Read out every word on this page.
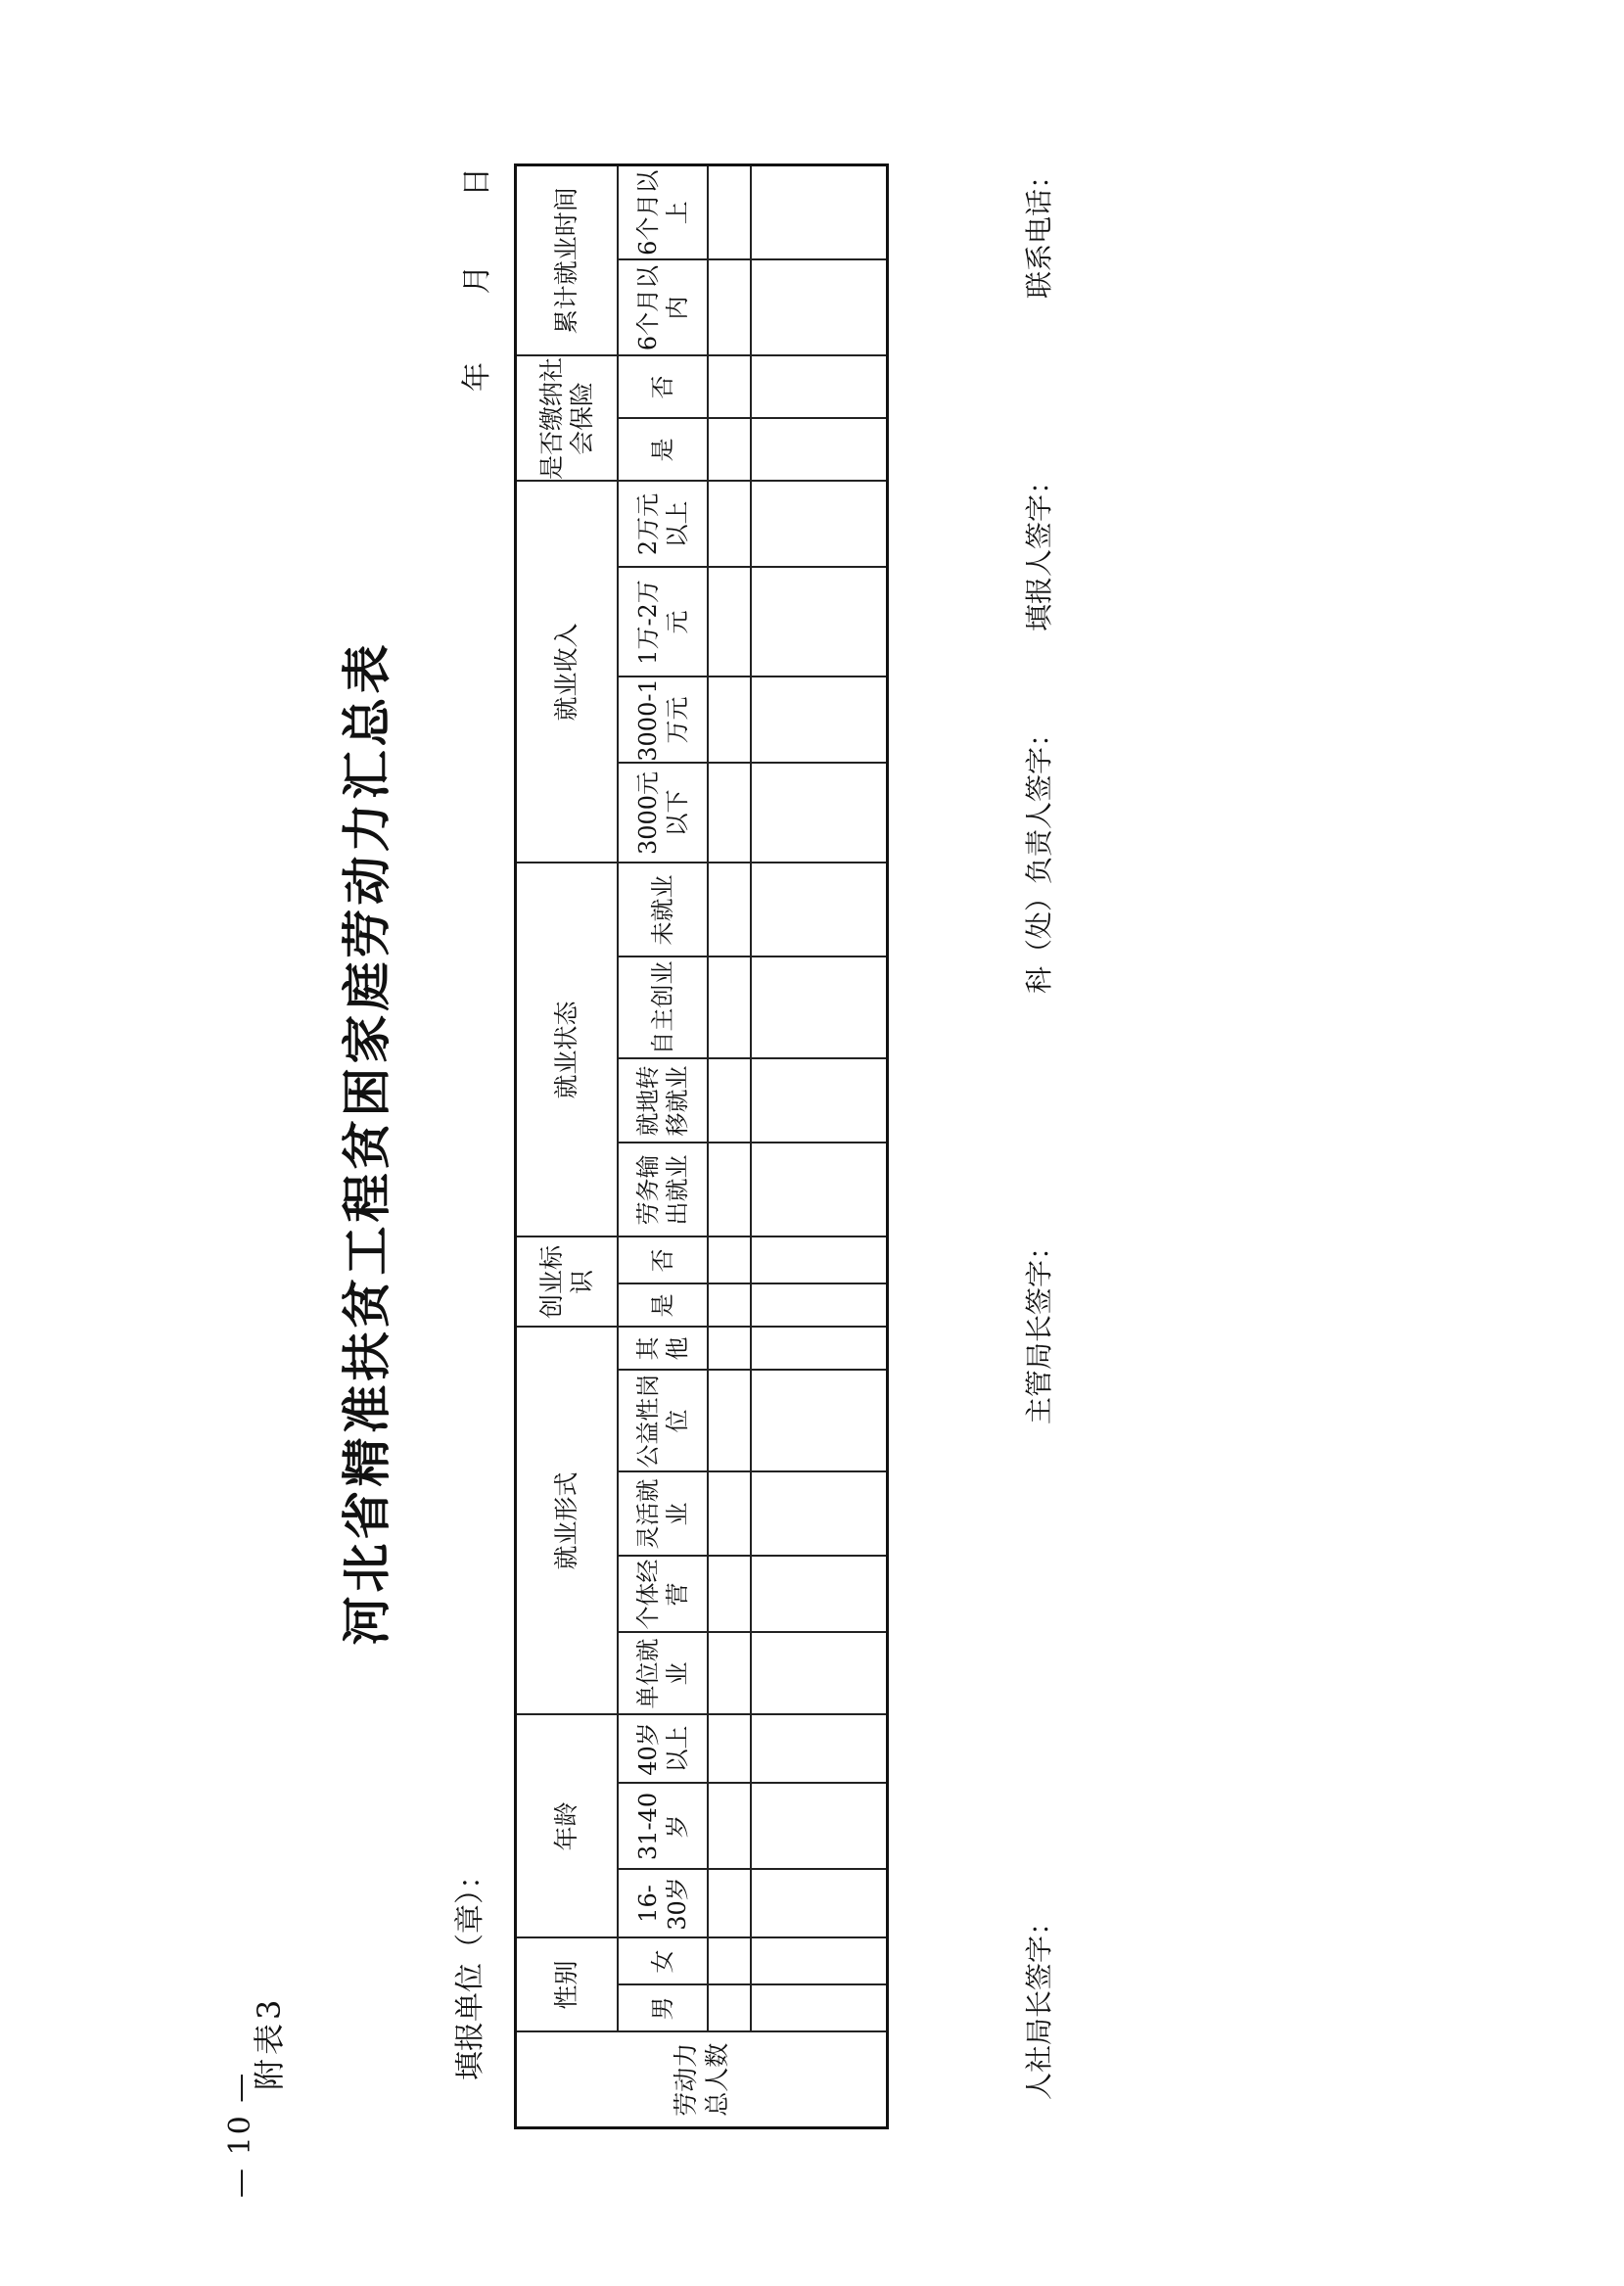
— 10 —
附表3
河北省精准扶贫工程贫困家庭劳动力汇总表
填报单位（章）：
年 月 日
劳动力总人数	性别		年龄			就业形式					创业标识		就业状态				就业收入				是否缴纳社会保险		累计就业时间	
	男	女	16-30岁	31-40岁	40岁以上	单位就业	个体经营	灵活就业	公益性岗位	其他	是	否	劳务输出就业	就地转移就业	自主创业	未就业	3000元以下	3000-1万元	1万-2万元	2万元以上	是	否	6个月以内	6个月以上

人社局长签字：
主管局长签字：
科（处）负责人签字：
填报人签字：
联系电话：
